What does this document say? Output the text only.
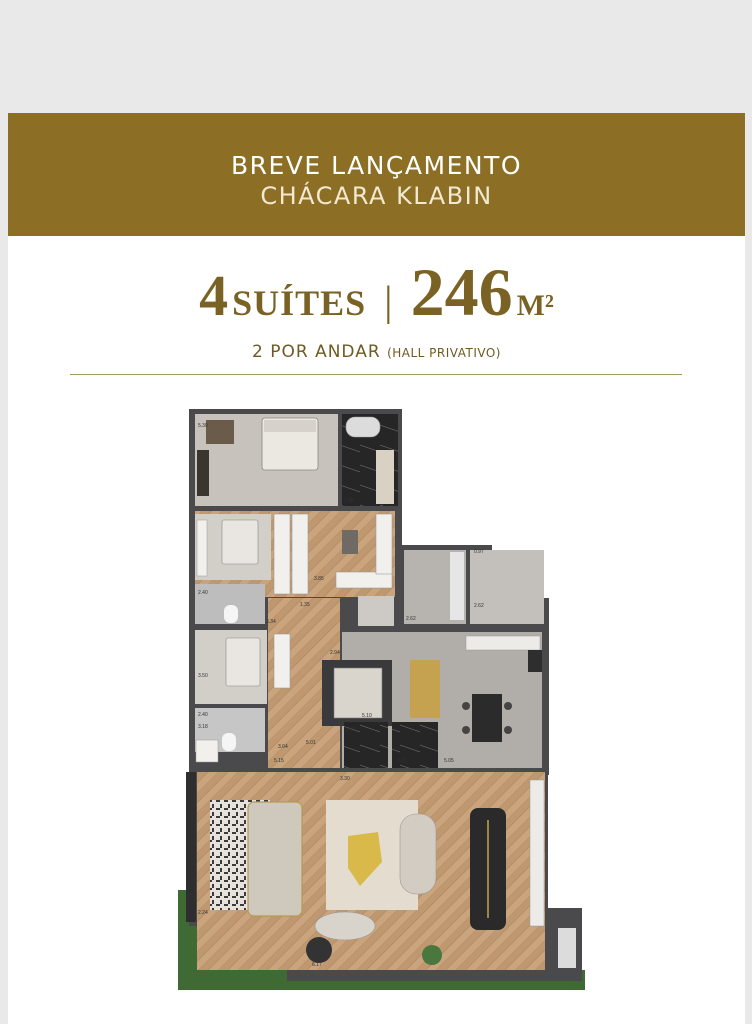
BREVE LANÇAMENTO
CHÁCARA KLABIN
4 SUÍTES | 246 M²
2 POR ANDAR (HALL PRIVATIVO)
5.30
1.85
3.85
2.40
3.34	2.62
2.62
5.10
3.04
1.60
1.73	5.05
3.18
2.40
3.50
5.15
1.35
2.94
5.01
6.17
3.30
2.24
0.97
